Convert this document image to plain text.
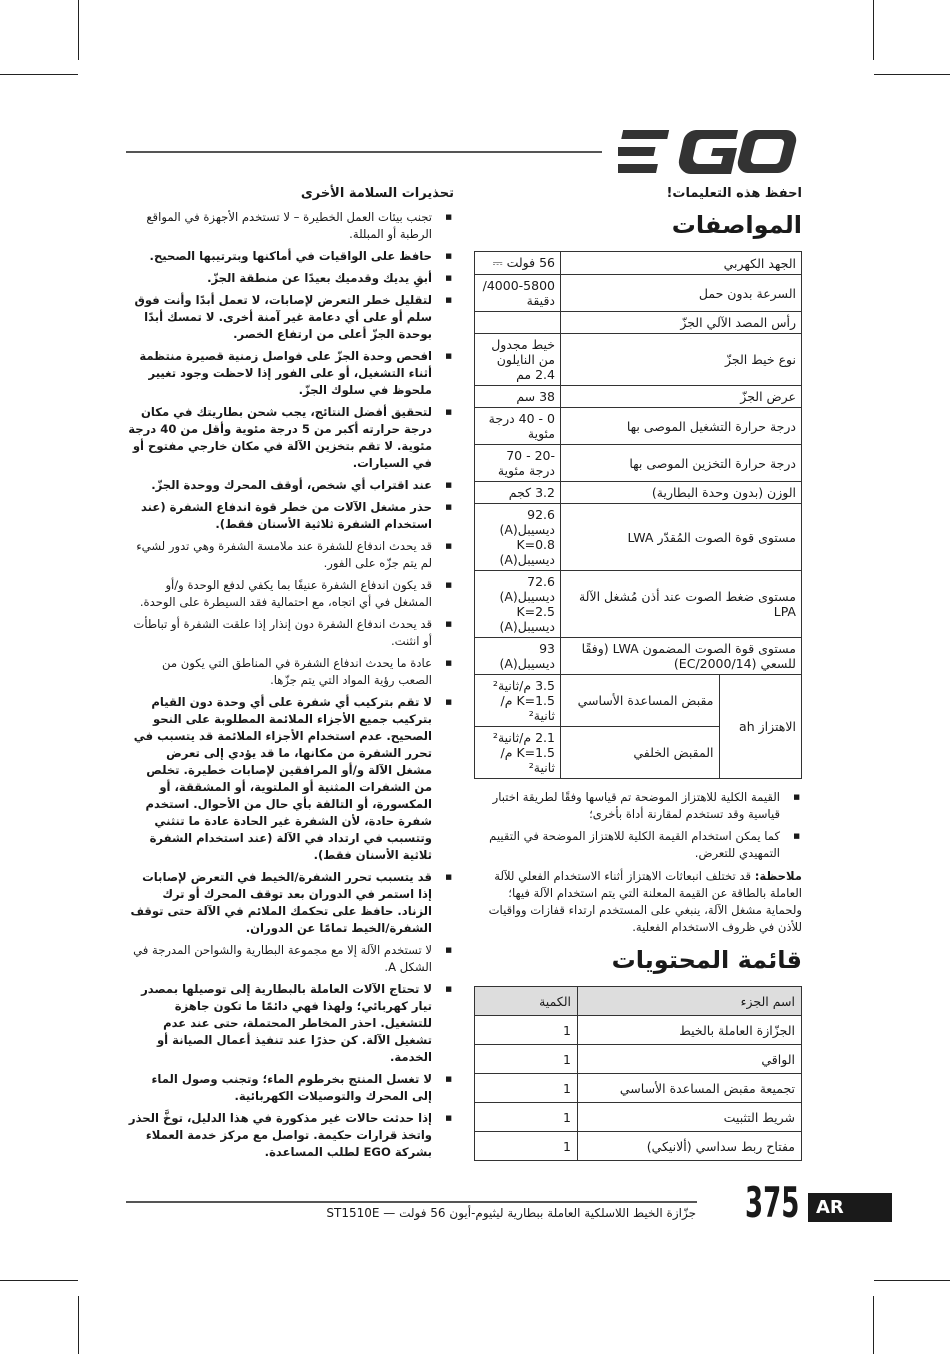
تحذيرات السلامة الأخرى
■ تجنب بيئات العمل الخطيرة – لا تستخدم الأجهزة في المواقع الرطبة أو المبللة.
■ حافظ على الواقيات في أماكنها وبترتيبها الصحيح.
■ أبقِ يديك وقدميك بعيدًا عن منطقة الجزّ.
■ لتقليل خطر التعرض لإصابات، لا تعمل أبدًا وأنت فوق سلم أو على أي دعامة غير آمنة أخرى. لا تمسك أبدًا بوحدة الجزّ أعلى من ارتفاع الخصر.
■ افحص وحدة الجزّ على فواصل زمنية قصيرة منتظمة أثناء التشغيل، أو على الفور إذا لاحظت وجود تغيير ملحوظ في سلوك الجزّ.
■ لتحقيق أفضل النتائج، يجب شحن بطاريتك في مكان درجة حرارته أكبر من 5 درجة مئوية وأقل من 40 درجة مئوية. لا تقم بتخزين الآلة في مكان خارجي مفتوح أو في السيارات.
■ عند اقتراب أي شخص، أوقف المحرك ووحدة الجزّ.
■ حذر مشغل الآلات من خطر قوة اندفاع الشفرة (عند استخدام الشفرة ثلاثية الأسنان فقط).
■ قد يحدث اندفاع للشفرة عند ملامسة الشفرة وهي تدور لشيء لم يتم جزّه على الفور.
■ قد يكون اندفاع الشفرة عنيفًا بما يكفي لدفع الوحدة و/أو المشغل في أي اتجاه، مع احتمالية فقد السيطرة على الوحدة.
■ قد يحدث اندفاع الشفرة دون إنذار إذا علقت الشفرة أو تباطأت أو انثنت.
■ عادة ما يحدث اندفاع الشفرة في المناطق التي يكون من الصعب رؤية المواد التي يتم جزّها.
■ لا تقم بتركيب أي شفرة على أي وحدة دون القيام بتركيب جميع الأجزاء الملائمة المطلوبة على النحو الصحيح. عدم استخدام الأجزاء الملائمة قد يتسبب في تحرر الشفرة من مكانها، ما قد يؤدي إلى تعرض مشغل الآلة و/أو المرافقين لإصابات خطيرة. تخلص من الشفرات المثنية أو الملتوية، أو المشققة، أو المكسورة، أو التالفة بأي حال من الأحوال. استخدم شفرة حادة، لأن الشفرة غير الحادة عادة ما تنثني وتتسبب في ارتداد في الآلة (عند استخدام الشفرة ثلاثية الأسنان فقط).
■ قد يتسبب تحرر الشفرة/الخيط في التعرض لإصابات إذا استمر في الدوران بعد توقف المحرك أو ترك الزناد. حافظ على تحكمك الملائم في الآلة حتى توقف الشفرة/الخيط تمامًا عن الدوران.
■ لا تستخدم الآلة إلا مع مجموعة البطارية والشواحن المدرجة في الشكل A.
■ لا تحتاج الآلات العاملة بالبطارية إلى توصيلها بمصدر تيار كهربائي؛ ولهذا فهي دائمًا ما تكون جاهزة للتشغيل. احذر المخاطر المحتملة، حتى عند عدم تشغيل الآلة. كن حذرًا عند تنفيذ أعمال الصيانة أو الخدمة.
■ لا تغسل المنتج بخرطوم الماء؛ وتجنب وصول الماء إلى المحرك والتوصيلات الكهربائية.
■ إذا حدثت حالات غير مذكورة في هذا الدليل، توخَّ الحذر واتخذ قرارات حكيمة. تواصل مع مركز خدمة العملاء بشركة EGO لطلب المساعدة.
احفظ هذه التعليمات!
المواصفات
الجهد الكهربي		56 فولت ⎓
السرعة بدون حمل		4000-5800/دقيقة
رأس المصد الآلي الجزّ		
نوع خيط الجزّ		خيط مجدول من النايلون 2.4 مم
عرض الجزّ		38 سم
درجة حرارة التشغيل الموصى بها		0 - 40 درجة مئوية
درجة حرارة التخزين الموصى بها		-20 - 70 درجة مئوية
الوزن (بدون وحدة البطارية)		3.2 كجم
مستوى قوة الصوت المُقدّر LWA		92.6 ديسيبل(A) K=0.8 ديسيبل(A)
مستوى ضغط الصوت عند أذن مُشغل الآلة LPA		72.6 ديسيبل(A) K=2.5 ديسيبل(A)
مستوى قوة الصوت المضمون LWA (وفقًا للسعي (2000/14/EC)		93 ديسيبل(A)
الاهتزاز ah	مقبض المساعدة الأساسي	3.5 م/ثانية² K=1.5 م/ثانية²
	المقبض الخلفي	2.1 م/ثانية² K=1.5 م/ثانية²
■ القيمة الكلية للاهتزاز الموضحة تم قياسها وفقًا لطريقة اختبار قياسية وقد تستخدم لمقارنة أداة بأخرى؛
■ كما يمكن استخدام القيمة الكلية للاهتزاز الموضحة في التقييم التمهيدي للتعرض.
ملاحظة: قد تختلف انبعاثات الاهتزاز أثناء الاستخدام الفعلي للآلة العاملة بالطاقة عن القيمة المعلنة التي يتم استخدام الآلة فيها؛ ولحماية مشغل الآلة، ينبغي على المستخدم ارتداء قفازات وواقيات للأذن في ظروف الاستخدام الفعلية.
قائمة المحتويات
اسم الجزء	الكمية
الجزّازة العاملة بالخيط	1
الواقي	1
تجميعة مقبض المساعدة الأساسي	1
شريط التثبيت	1
مفتاح ربط سداسي (ألانيكي)	1
جزّازة الخيط اللاسلكية العاملة ببطارية ليثيوم-أيون 56 فولت — ST1510E 375 AR
